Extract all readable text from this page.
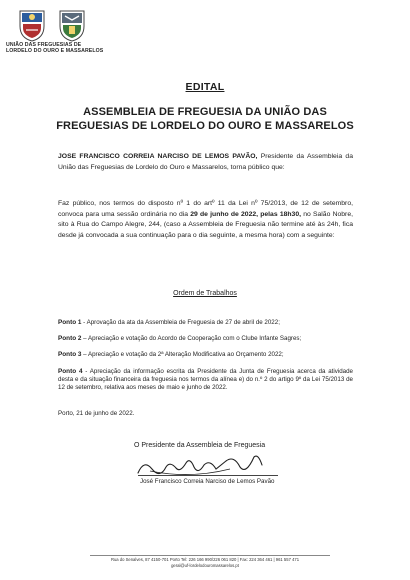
UNIÃO DAS FREGUESIAS DE
LORDELO DO OURO E MASSARELOS
EDITAL
ASSEMBLEIA DE FREGUESIA DA UNIÃO DAS
FREGUESIAS DE LORDELO DO OURO E MASSARELOS
JOSE FRANCISCO CORREIA NARCISO DE LEMOS PAVÃO, Presidente da Assembleia da União das Freguesias de Lordelo do Ouro e Massarelos, torna público que:
Faz público, nos termos do disposto nº 1 do artº 11 da Lei nº 75/2013, de 12 de setembro, convoca para uma sessão ordinária no dia 29 de junho de 2022, pelas 18h30, no Salão Nobre, sito à Rua do Campo Alegre, 244, (caso a Assembleia de Freguesia não termine até às 24h, fica desde já convocada a sua continuação para o dia seguinte, a mesma hora) com a seguinte:
Ordem de Trabalhos
Ponto 1 - Aprovação da ata da Assembleia de Freguesia de 27 de abril de 2022;
Ponto 2 – Apreciação e votação do Acordo de Cooperação com o Clube Infante Sagres;
Ponto 3 – Apreciação e votação da 2ª Alteração Modificativa ao Orçamento 2022;
Ponto 4 - Apreciação da informação escrita da Presidente da Junta de Freguesia acerca da atividade desta e da situação financeira da freguesia nos termos da alínea e) do n.º 2 do artigo 9º da Lei 75/2013 de 12 de setembro, relativa aos meses de maio e junho de 2022.
Porto, 21 de junho de 2022.
O Presidente da Assembleia de Freguesia
José Francisco Correia Narciso de Lemos Pavão
Rua do Senalves, 87 4150-701 Porto Tel: 226 166 990/226 061 820 | Fax: 224 364 461 | 961 557 471
geral@uf-lordelodouromassarelos.pt
